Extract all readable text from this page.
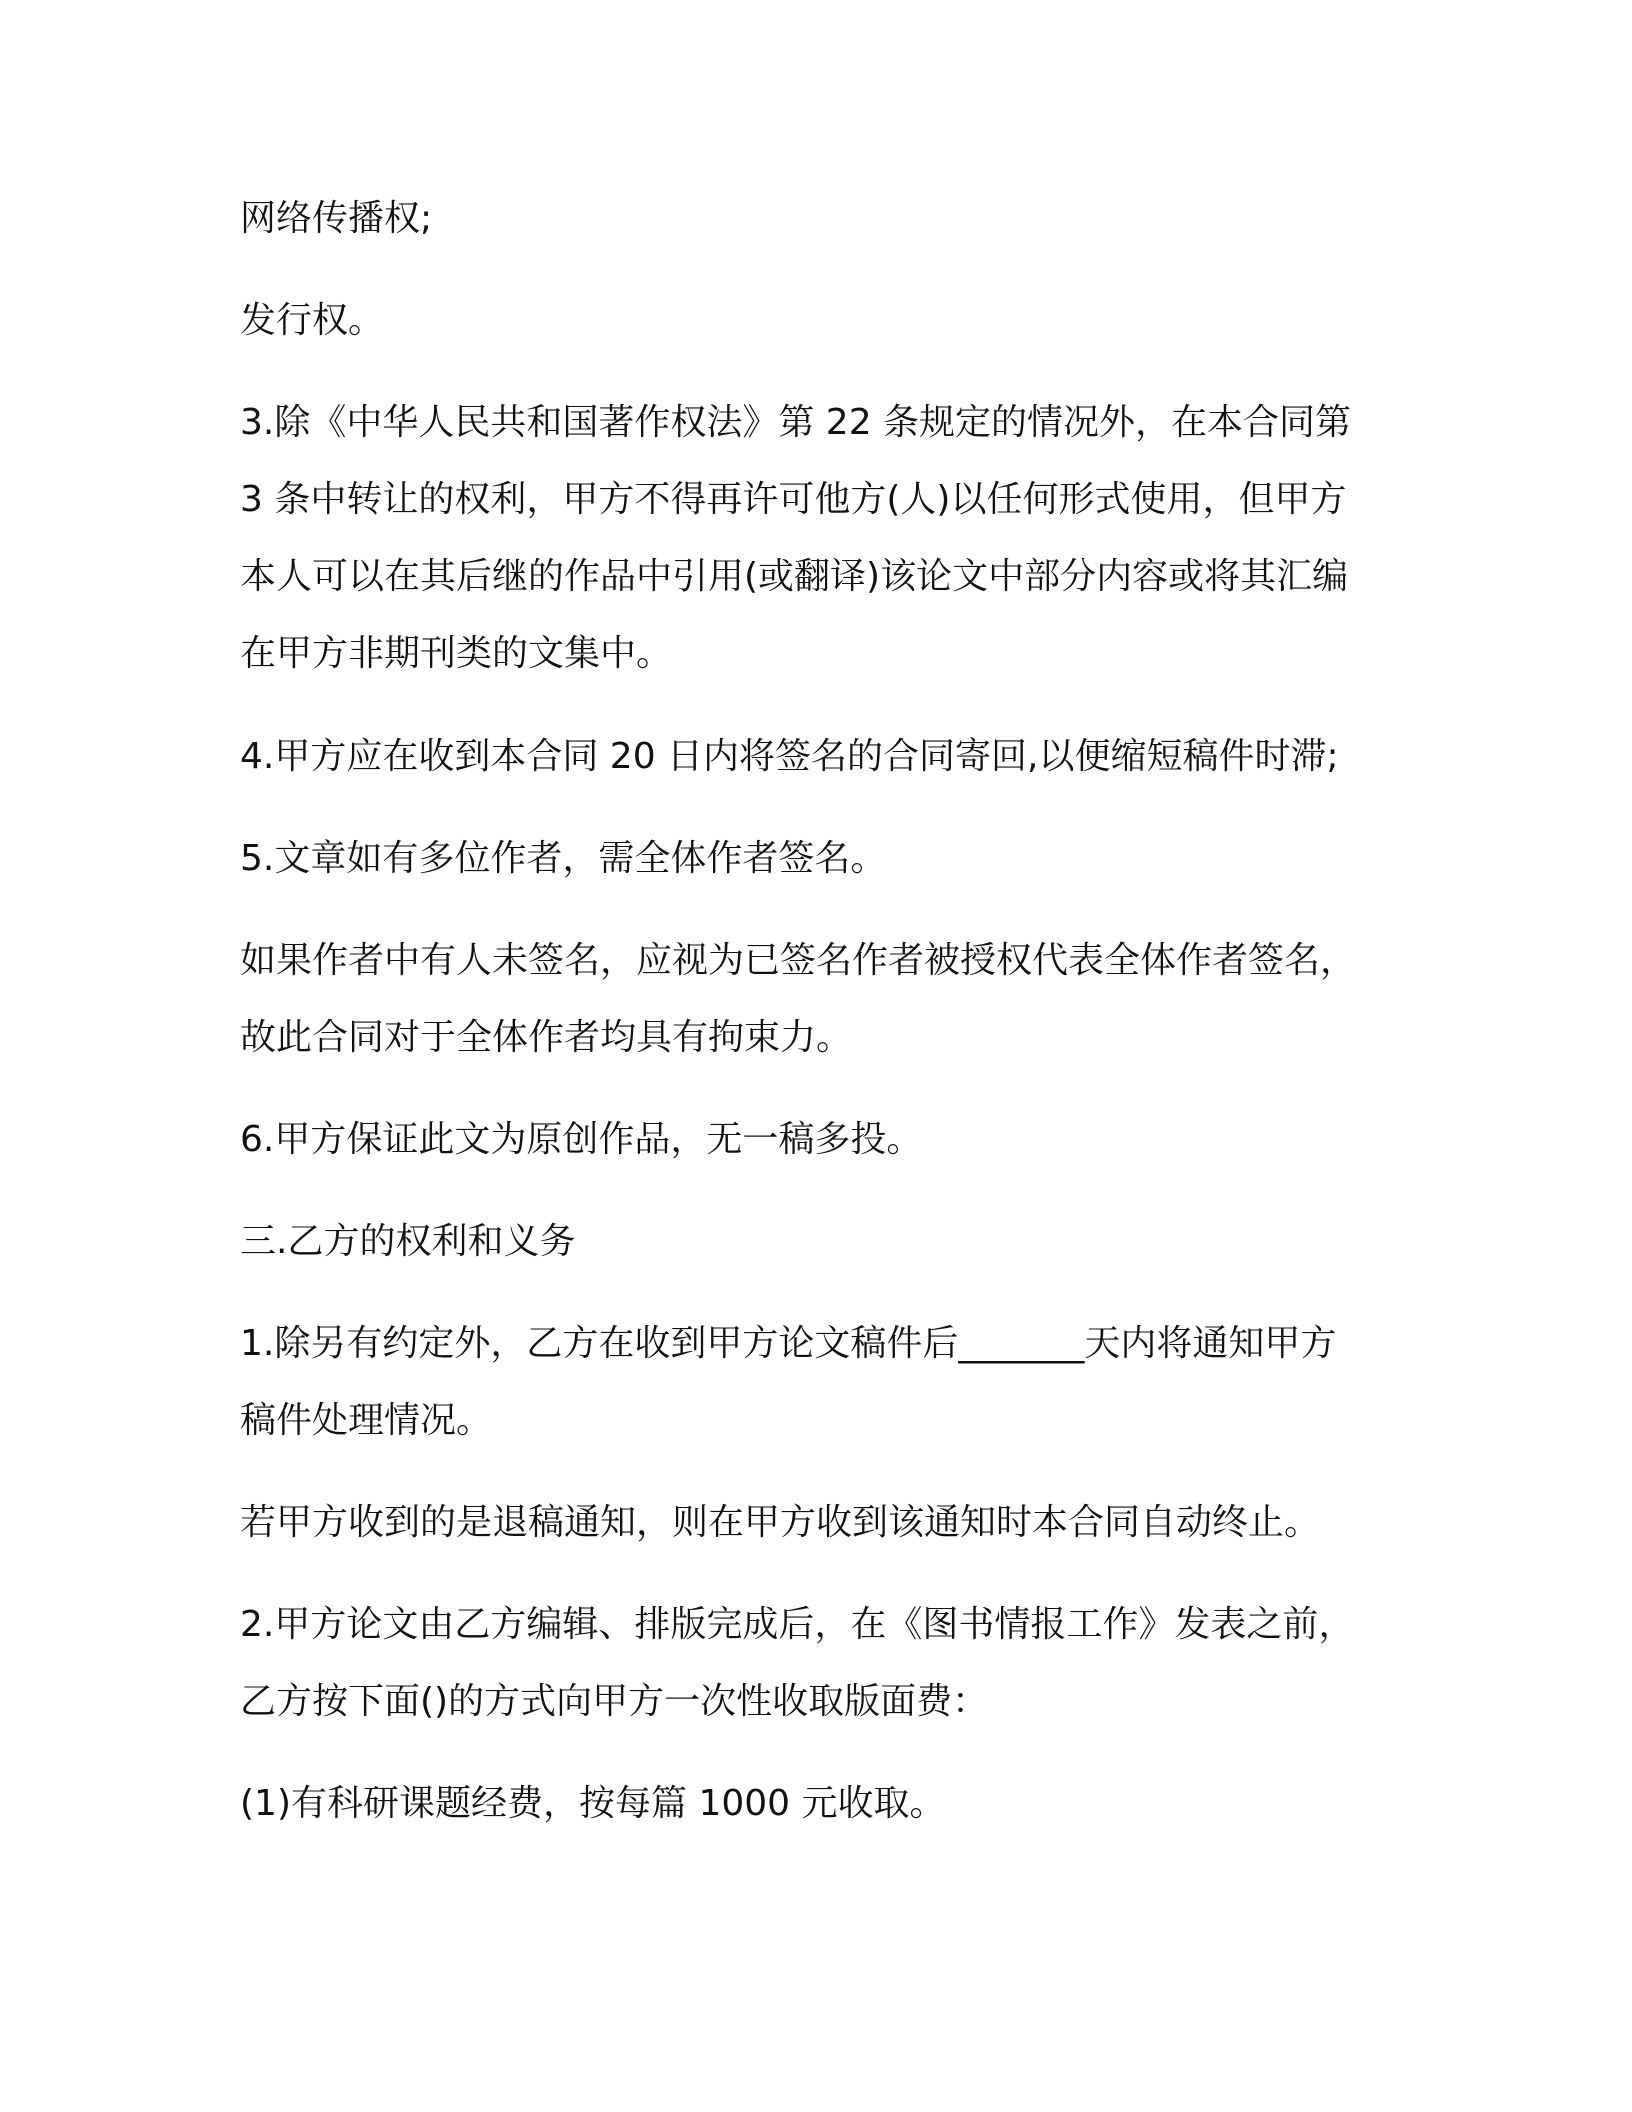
网络传播权;

发行权。

3.除《中华人民共和国著作权法》第 22 条规定的情况外，在本合同第
3 条中转让的权利，甲方不得再许可他方(人)以任何形式使用，但甲方
本人可以在其后继的作品中引用(或翻译)该论文中部分内容或将其汇编
在甲方非期刊类的文集中。

4.甲方应在收到本合同 20 日内将签名的合同寄回,以便缩短稿件时滞;

5.文章如有多位作者，需全体作者签名。

如果作者中有人未签名，应视为已签名作者被授权代表全体作者签名，
故此合同对于全体作者均具有拘束力。

6.甲方保证此文为原创作品，无一稿多投。

三.乙方的权利和义务

1.除另有约定外，乙方在收到甲方论文稿件后_______天内将通知甲方
稿件处理情况。

若甲方收到的是退稿通知，则在甲方收到该通知时本合同自动终止。

2.甲方论文由乙方编辑、排版完成后，在《图书情报工作》发表之前，
乙方按下面()的方式向甲方一次性收取版面费：

(1)有科研课题经费，按每篇 1000 元收取。
